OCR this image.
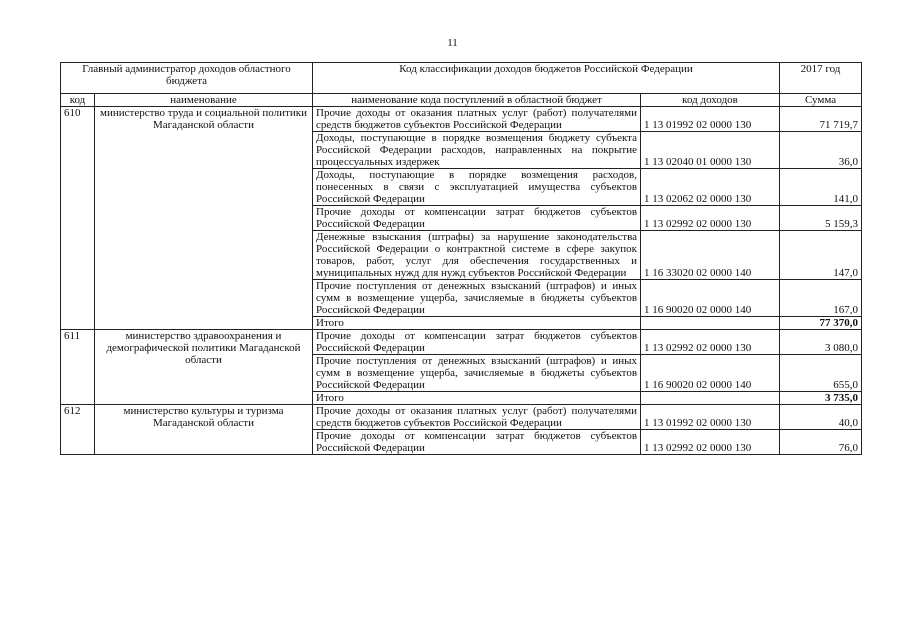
11
Главный администратор доходов областного бюджета		Код классификации доходов бюджетов Российской Федерации		2017 год
код	наименование	наименование кода поступлений в областной бюджет	код доходов	Сумма
610	министерство труда и социальной политики Магаданской области	Прочие доходы от оказания платных услуг (работ) получателями средств бюджетов субъектов Российской Федерации	1 13 01992 02 0000 130	71 719,7
		Доходы, поступающие в порядке возмещения бюджету субъекта Российской Федерации расходов, направленных на покрытие процессуальных издержек	1 13 02040 01 0000 130	36,0
		Доходы, поступающие в порядке возмещения расходов, понесенных в связи с эксплуатацией имущества субъектов Российской Федерации	1 13 02062 02 0000 130	141,0
		Прочие доходы от компенсации затрат бюджетов субъектов Российской Федерации	1 13 02992 02 0000 130	5 159,3
		Денежные взыскания (штрафы) за нарушение законодательства Российской Федерации о контрактной системе в сфере закупок товаров, работ, услуг для обеспечения государственных и муниципальных нужд для нужд субъектов Российской Федерации	1 16 33020 02 0000 140	147,0
		Прочие поступления от денежных взысканий (штрафов) и иных сумм в возмещение ущерба, зачисляемые в бюджеты субъектов Российской Федерации	1 16 90020 02 0000 140	167,0
		Итого		77 370,0
611	министерство здравоохранения и демографической политики Магаданской области	Прочие доходы от компенсации затрат бюджетов субъектов Российской Федерации	1 13 02992 02 0000 130	3 080,0
		Прочие поступления от денежных взысканий (штрафов) и иных сумм в возмещение ущерба, зачисляемые в бюджеты субъектов Российской Федерации	1 16 90020 02 0000 140	655,0
		Итого		3 735,0
612	министерство культуры и туризма Магаданской области	Прочие доходы от оказания платных услуг (работ) получателями средств бюджетов субъектов Российской Федерации	1 13 01992 02 0000 130	40,0
		Прочие доходы от компенсации затрат бюджетов субъектов Российской Федерации	1 13 02992 02 0000 130	76,0
